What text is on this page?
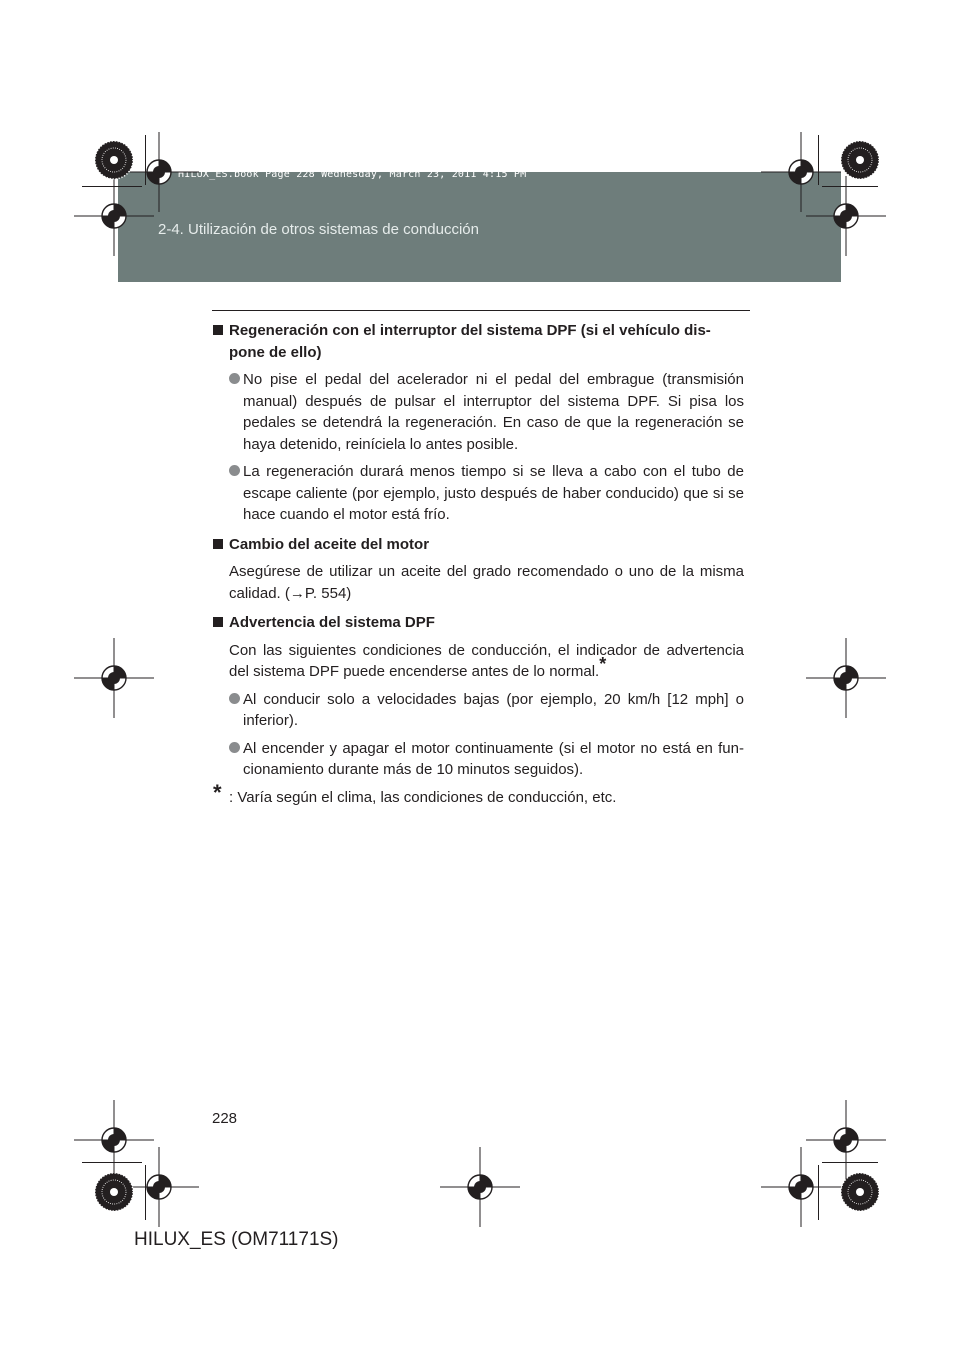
2-4. Utilización de otros sistemas de conducción
HILUX_ES.book Page 228 Wednesday, March 23, 2011 4:15 PM
Regeneración con el interruptor del sistema DPF (si el vehículo dis-pone de ello)
No pise el pedal del acelerador ni el pedal del embrague (transmisión manual) después de pulsar el interruptor del sistema DPF. Si pisa los pedales se detendrá la regeneración. En caso de que la regeneración se haya detenido, reiníciela lo antes posible.
La regeneración durará menos tiempo si se lleva a cabo con el tubo de escape caliente (por ejemplo, justo después de haber conducido) que si se hace cuando el motor está frío.
Cambio del aceite del motor
Asegúrese de utilizar un aceite del grado recomendado o uno de la misma calidad. (→P. 554)
Advertencia del sistema DPF
Con las siguientes condiciones de conducción, el indicador de advertencia del sistema DPF puede encenderse antes de lo normal.*
Al conducir solo a velocidades bajas (por ejemplo, 20 km/h [12 mph] o inferior).
Al encender y apagar el motor continuamente (si el motor no está en fun-cionamiento durante más de 10 minutos seguidos).
* : Varía según el clima, las condiciones de conducción, etc.
228
HILUX_ES (OM71171S)
